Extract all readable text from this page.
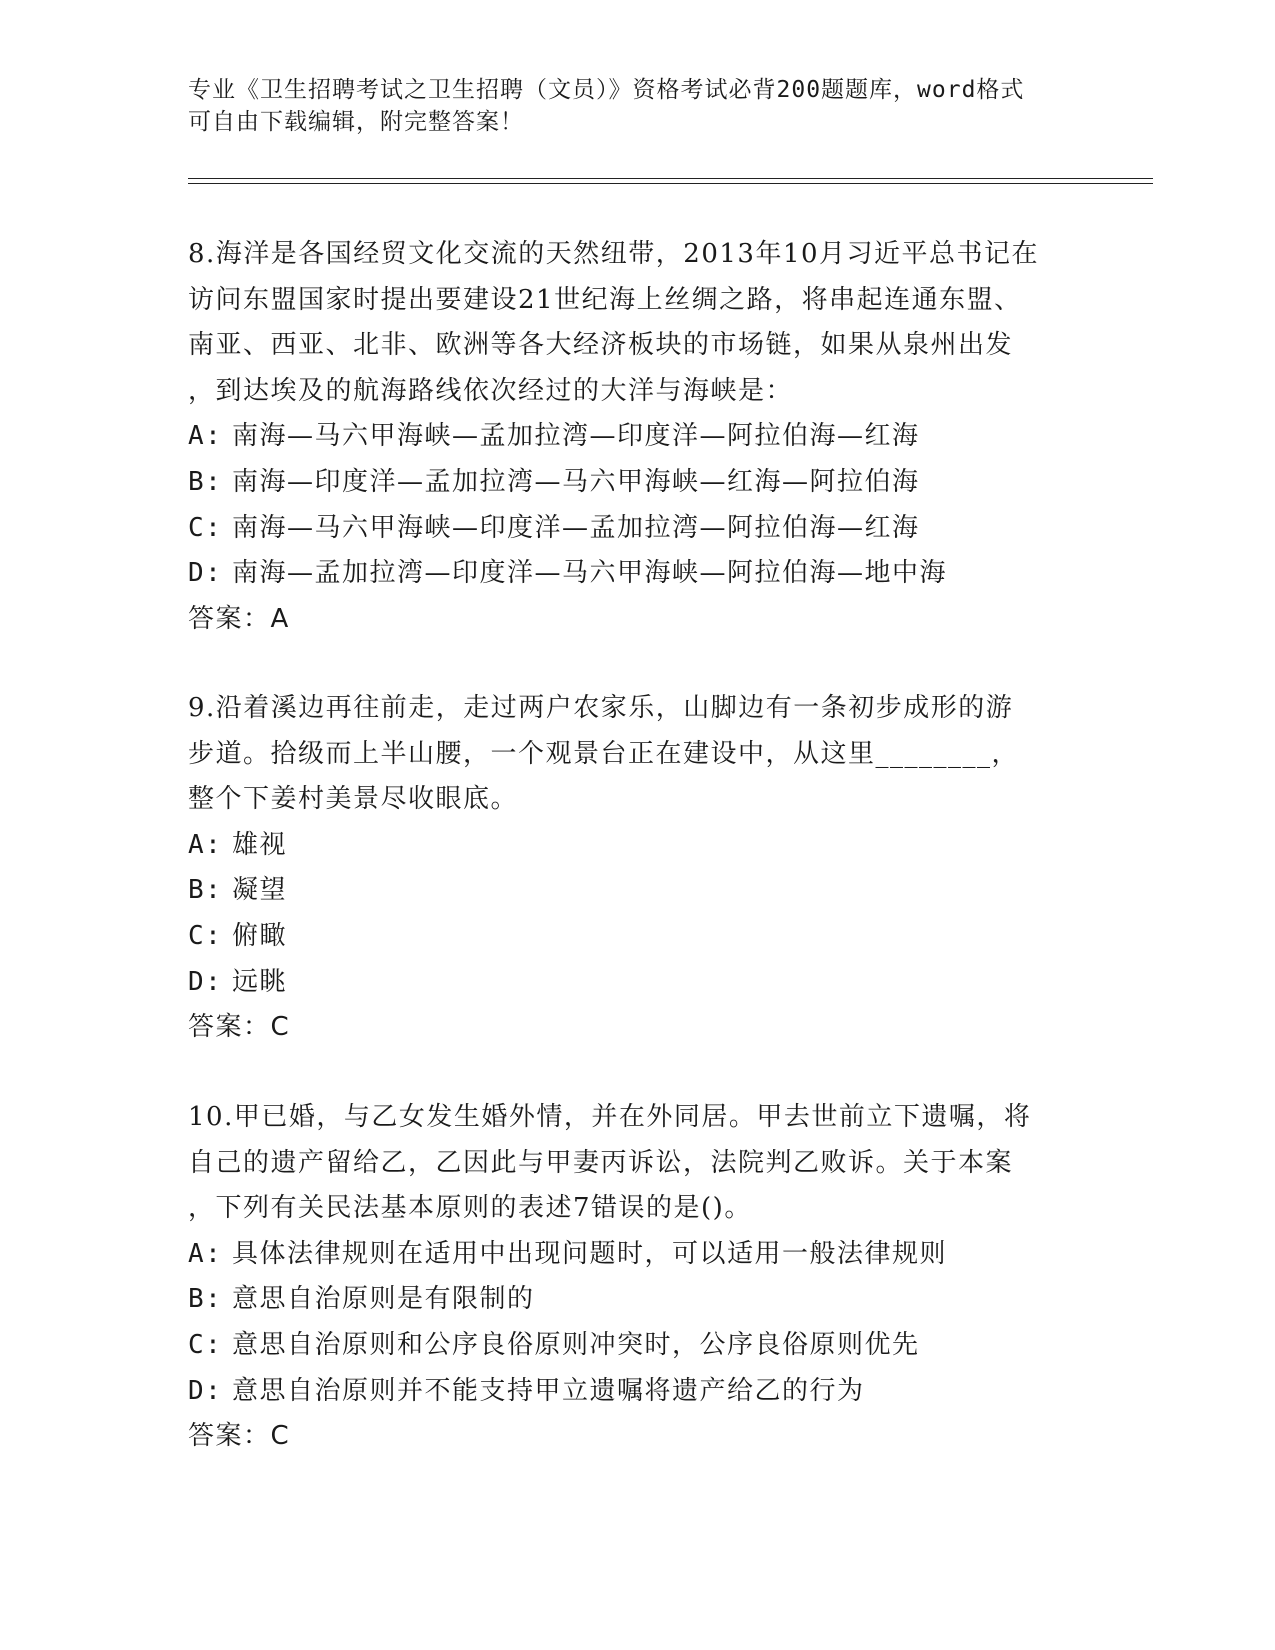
专业《卫生招聘考试之卫生招聘（文员）》资格考试必背200题题库，word格式
可自由下载编辑，附完整答案！
8.海洋是各国经贸文化交流的天然纽带，2013年10月习近平总书记在
访问东盟国家时提出要建设21世纪海上丝绸之路，将串起连通东盟、
南亚、西亚、北非、欧洲等各大经济板块的市场链，如果从泉州出发
，到达埃及的航海路线依次经过的大洋与海峡是：
A: 南海—马六甲海峡—孟加拉湾—印度洋—阿拉伯海—红海
B: 南海—印度洋—孟加拉湾—马六甲海峡—红海—阿拉伯海
C: 南海—马六甲海峡—印度洋—孟加拉湾—阿拉伯海—红海
D: 南海—孟加拉湾—印度洋—马六甲海峡—阿拉伯海—地中海
答案：A
9.沿着溪边再往前走，走过两户农家乐，山脚边有一条初步成形的游
步道。拾级而上半山腰，一个观景台正在建设中，从这里________，
整个下姜村美景尽收眼底。
A: 雄视
B: 凝望
C: 俯瞰
D: 远眺
答案：C
10.甲已婚，与乙女发生婚外情，并在外同居。甲去世前立下遗嘱，将
自己的遗产留给乙，乙因此与甲妻丙诉讼，法院判乙败诉。关于本案
，下列有关民法基本原则的表述7错误的是()。
A: 具体法律规则在适用中出现问题时，可以适用一般法律规则
B: 意思自治原则是有限制的
C: 意思自治原则和公序良俗原则冲突时，公序良俗原则优先
D: 意思自治原则并不能支持甲立遗嘱将遗产给乙的行为
答案：C
